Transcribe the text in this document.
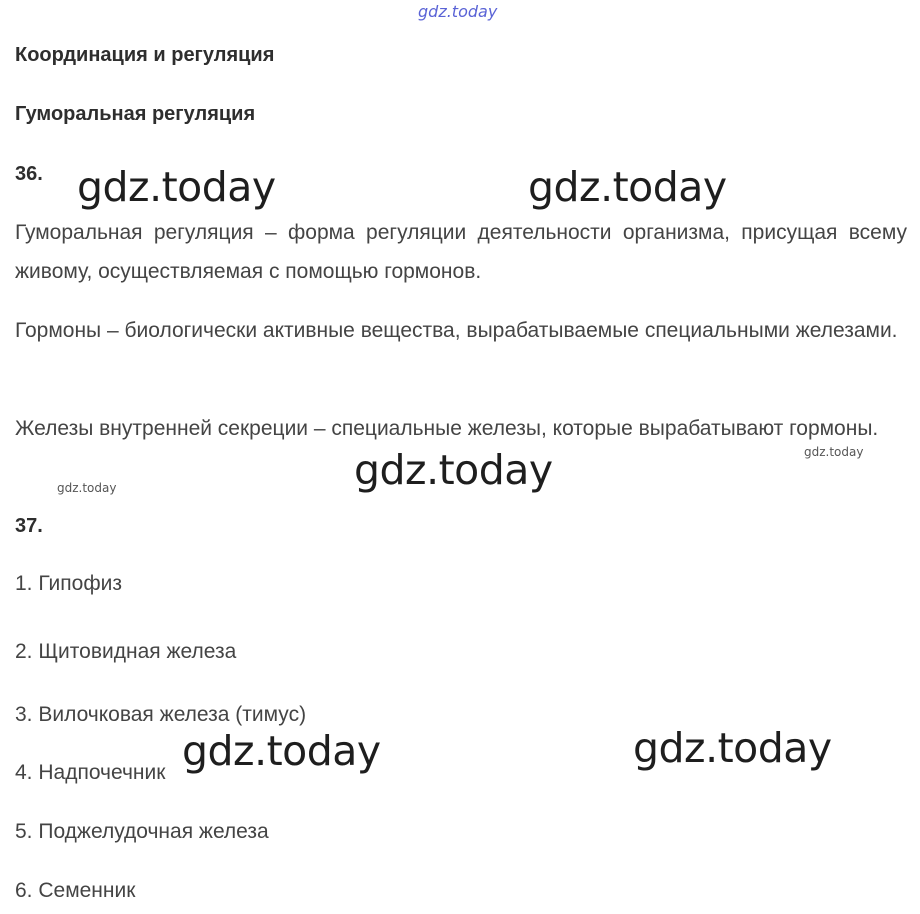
gdz.today
Координация и регуляция
Гуморальная регуляция
36. gdz.today	gdz.today

Гуморальная регуляция – форма регуляции деятельности организма, присущая всему живому, осуществляемая с помощью гормонов.

Гормоны – биологически активные вещества, вырабатываемые специальными железами.

Железы внутренней секреции – специальные железы, которые вырабатывают гормоны.

gdz.today	gdz.today
gdz.today
37.
1. Гипофиз
2. Щитовидная железа
3. Вилочковая железа (тимус)
4. Надпочечник
5. Поджелудочная железа
6. Семенник
gdz.today	gdz.today
